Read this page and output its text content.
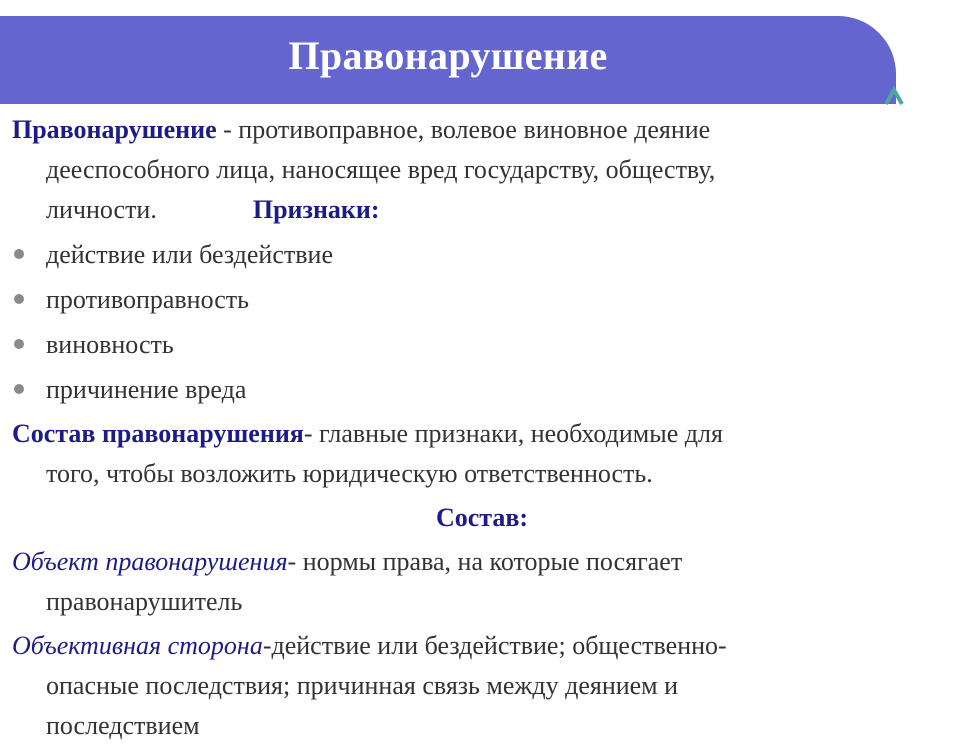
Правонарушение

Правонарушение - противоправное, волевое виновное деяние

дееспособного лица, наносящее вред государству, обществу,

личности.	Признаки:

действие или бездействие
противоправность
виновность
причинение вреда

Состав правонарушения- главные признаки, необходимые для

того, чтобы возложить юридическую ответственность.

Состав:

Объект правонарушения- нормы права, на которые посягает

правонарушитель

Объективная сторона-действие или бездействие; общественно-

опасные последствия; причинная связь между деянием и

последствием
